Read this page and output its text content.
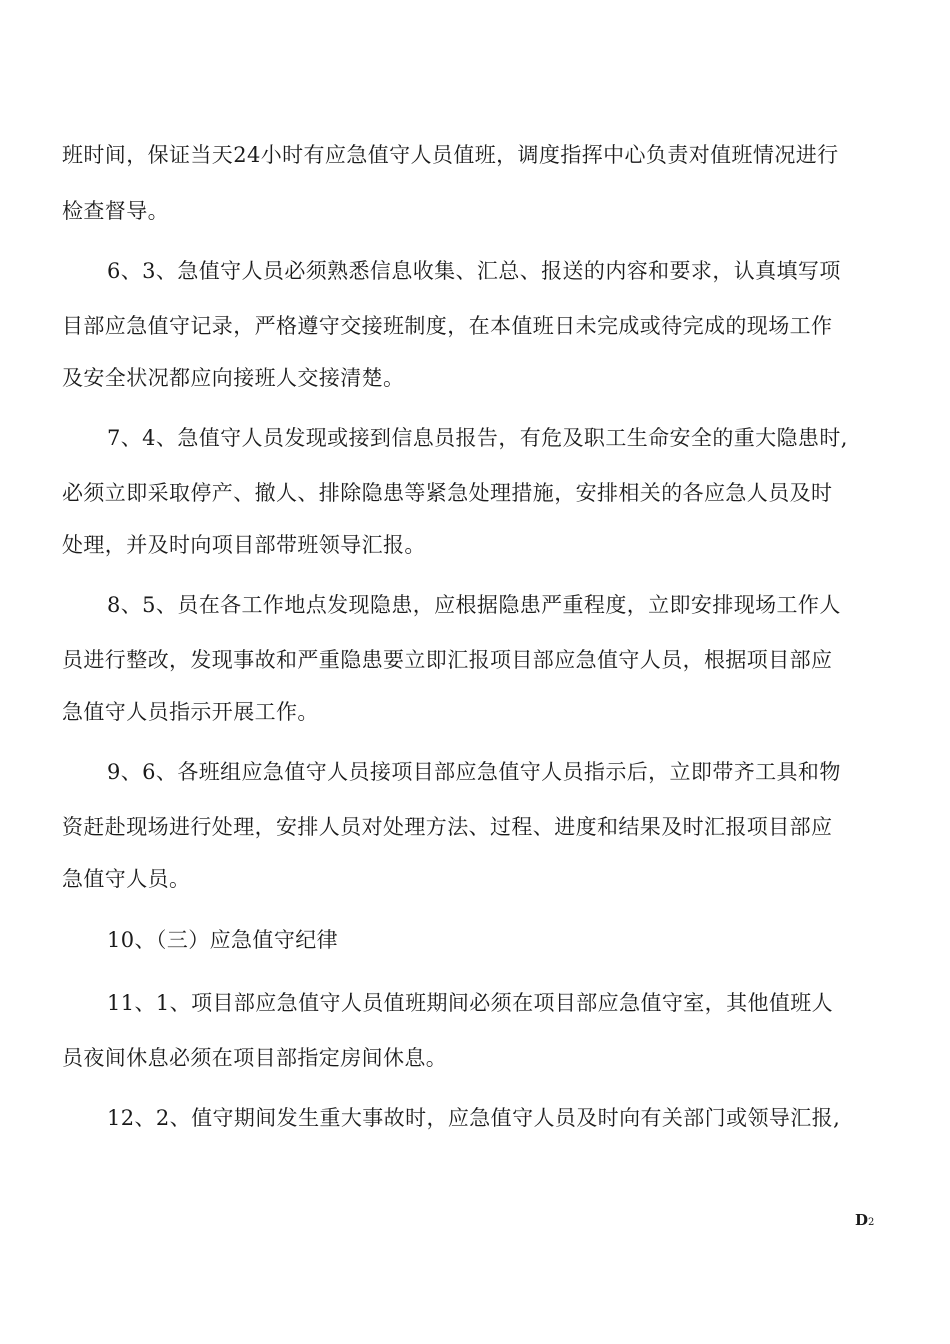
班时间，保证当天24小时有应急值守人员值班，调度指挥中心负责对值班情况进行
检查督导。
6、3、急值守人员必须熟悉信息收集、汇总、报送的内容和要求，认真填写项
目部应急值守记录，严格遵守交接班制度，在本值班日未完成或待完成的现场工作
及安全状况都应向接班人交接清楚。
7、4、急值守人员发现或接到信息员报告，有危及职工生命安全的重大隐患时,
必须立即采取停产、撤人、排除隐患等紧急处理措施，安排相关的各应急人员及时
处理，并及时向项目部带班领导汇报。
8、5、员在各工作地点发现隐患，应根据隐患严重程度，立即安排现场工作人
员进行整改，发现事故和严重隐患要立即汇报项目部应急值守人员，根据项目部应
急值守人员指示开展工作。
9、6、各班组应急值守人员接项目部应急值守人员指示后，立即带齐工具和物
资赶赴现场进行处理，安排人员对处理方法、过程、进度和结果及时汇报项目部应
急值守人员。
10、（三）应急值守纪律
11、1、项目部应急值守人员值班期间必须在项目部应急值守室，其他值班人
员夜间休息必须在项目部指定房间休息。
12、2、值守期间发生重大事故时，应急值守人员及时向有关部门或领导汇报,
D2
